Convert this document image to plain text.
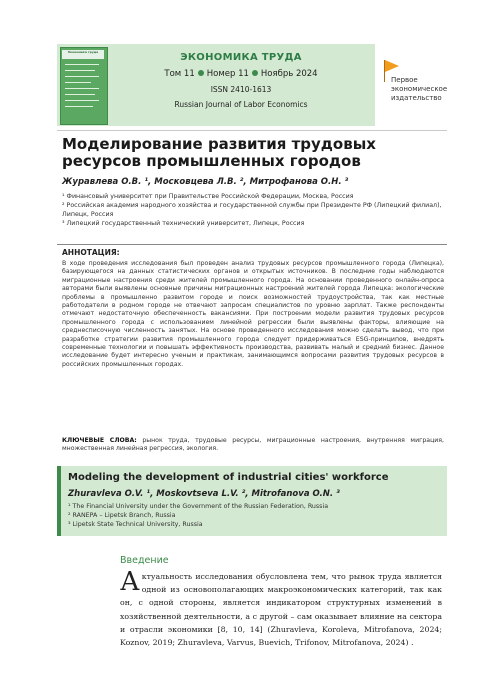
Экономика труда	ЭКОНОМИКА ТРУДА
Том 11 Номер 11 Ноябрь 2024
ISSN 2410-1613
Russian Journal of Labor Economics
Первое экономическое издательство
Моделирование развития трудовых ресурсов промышленных городов
Журавлева О.В. ¹, Московцева Л.В. ², Митрофанова О.Н. ³
¹ Финансовый университет при Правительстве Российской Федерации, Москва, Россия
² Российская академия народного хозяйства и государственной службы при Президенте РФ (Липецкий филиал), Липецк, Россия
³ Липецкий государственный технический университет, Липецк, Россия
АННОТАЦИЯ:
В ходе проведения исследования был проведен анализ трудовых ресурсов промышленного города (Липецка), базирующегося на данных статистических органов и открытых источников. В последние годы наблюдаются миграционные настроения среди жителей промышленного города. На основании проведенного онлайн-опроса авторами были выявлены основные причины миграционных настроений жителей города Липецка: экологические проблемы в промышленно развитом городе и поиск возможностей трудоустройства, так как местные работодатели в родном городе не отвечают запросам специалистов по уровню зарплат. Также респонденты отмечают недостаточную обеспеченность вакансиями. При построении модели развития трудовых ресурсов промышленного города с использованием линейной регрессии были выявлены факторы, влияющие на среднесписочную численность занятых. На основе проведенного исследования можно сделать вывод, что при разработке стратегии развития промышленного города следует придерживаться ESG-принципов, внедрять современные технологии и повышать эффективность производства, развивать малый и средний бизнес. Данное исследование будет интересно ученым и практикам, занимающимся вопросами развития трудовых ресурсов в российских промышленных городах.
КЛЮЧЕВЫЕ СЛОВА: рынок труда, трудовые ресурсы, миграционные настроения, внутренняя миграция, множественная линейная регрессия, экология.
Modeling the development of industrial cities' workforce
Zhuravleva O.V. ¹, Moskovtseva L.V. ², Mitrofanova O.N. ³
¹ The Financial University under the Government of the Russian Federation, Russia
² RANEPA – Lipetsk Branch, Russia
³ Lipetsk State Technical University, Russia
Введение
Актуальность исследования обусловлена тем, что рынок труда является одной из основополагающих макроэкономических категорий, так как он, с одной стороны, является индикатором структурных изменений в хозяйственной деятельности, а с другой – сам оказывает влияние на сектора и отрасли экономики [8, 10, 14] (Zhuravleva, Koroleva, Mitrofanova, 2024; Koznov, 2019; Zhuravleva, Varvus, Buevich, Trifonov, Mitrofanova, 2024) .
